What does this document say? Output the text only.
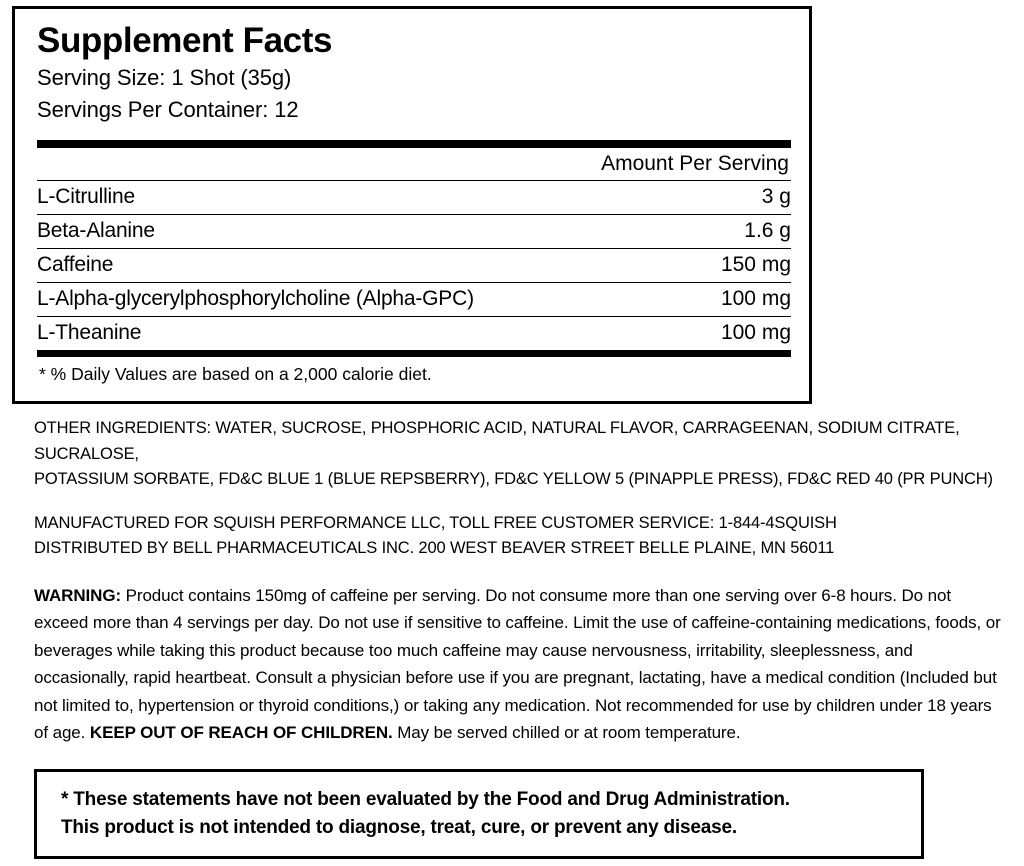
Supplement Facts
Serving Size: 1 Shot (35g)
Servings Per Container: 12
Amount Per Serving
L-Citrulline	3 g
Beta-Alanine	1.6 g
Caffeine	150 mg
L-Alpha-glycerylphosphorylcholine (Alpha-GPC)	100 mg
L-Theanine	100 mg
* % Daily Values are based on a 2,000 calorie diet.
OTHER INGREDIENTS: WATER, SUCROSE, PHOSPHORIC ACID, NATURAL FLAVOR, CARRAGEENAN, SODIUM CITRATE, SUCRALOSE,
POTASSIUM SORBATE, FD&C BLUE 1 (BLUE REPSBERRY), FD&C YELLOW 5 (PINAPPLE PRESS), FD&C RED 40 (PR PUNCH)
MANUFACTURED FOR SQUISH PERFORMANCE LLC, TOLL FREE CUSTOMER SERVICE: 1-844-4SQUISH
DISTRIBUTED BY BELL PHARMACEUTICALS INC. 200 WEST BEAVER STREET BELLE PLAINE, MN 56011
WARNING: Product contains 150mg of caffeine per serving. Do not consume more than one serving over 6-8 hours. Do not exceed more than 4 servings per day. Do not use if sensitive to caffeine. Limit the use of caffeine-containing medications, foods, or beverages while taking this product because too much caffeine may cause nervousness, irritability, sleeplessness, and occasionally, rapid heartbeat. Consult a physician before use if you are pregnant, lactating, have a medical condition (Included but not limited to, hypertension or thyroid conditions,) or taking any medication. Not recommended for use by children under 18 years of age. KEEP OUT OF REACH OF CHILDREN. May be served chilled or at room temperature.
* These statements have not been evaluated by the Food and Drug Administration.
This product is not intended to diagnose, treat, cure, or prevent any disease.
